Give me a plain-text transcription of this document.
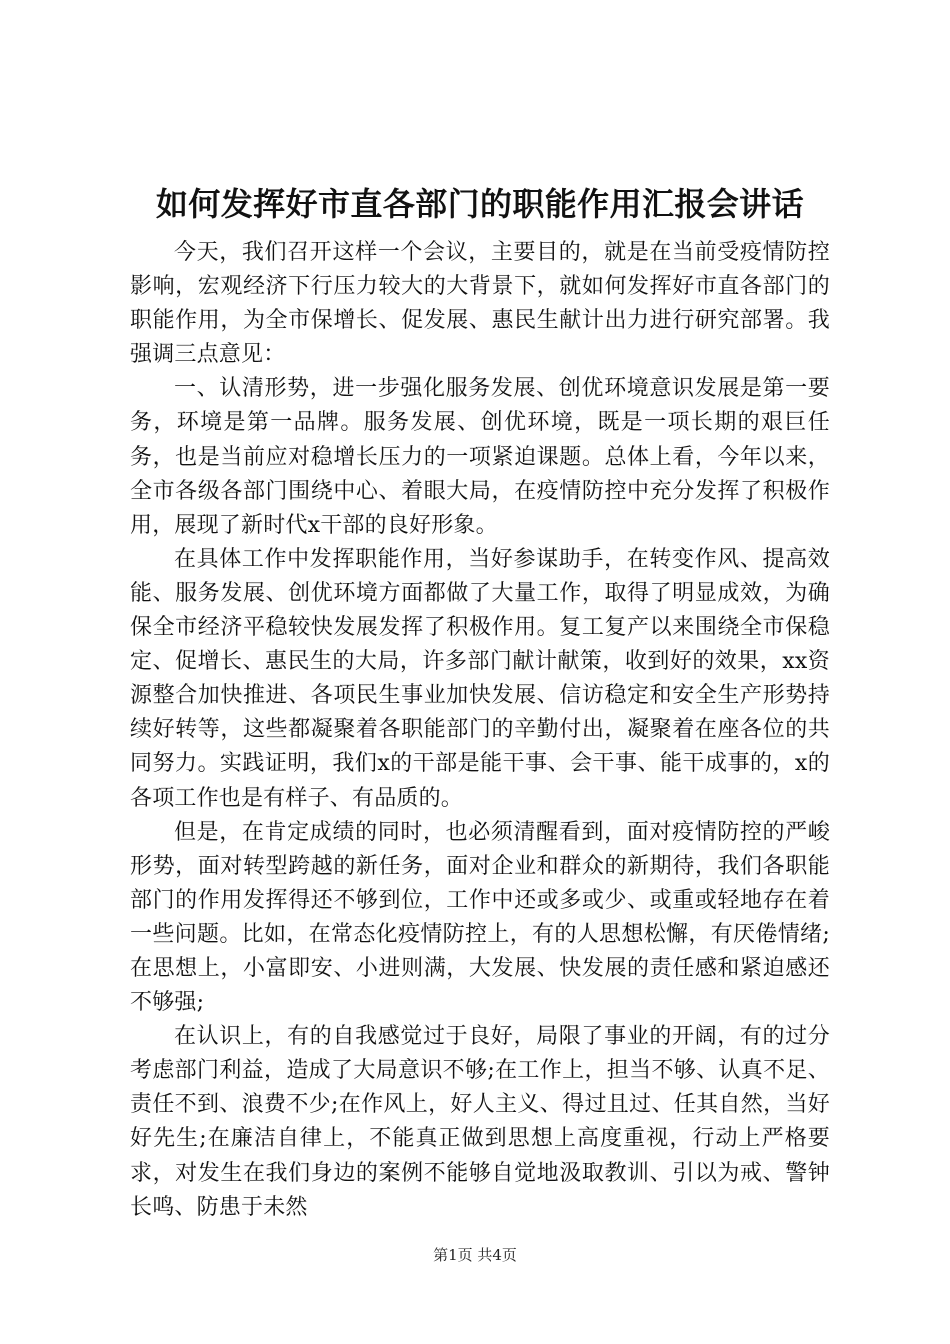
如何发挥好市直各部门的职能作用汇报会讲话

今天，我们召开这样一个会议，主要目的，就是在当前受疫情防控影响，宏观经济下行压力较大的大背景下，就如何发挥好市直各部门的职能作用，为全市保增长、促发展、惠民生献计出力进行研究部署。我强调三点意见：

一、认清形势，进一步强化服务发展、创优环境意识发展是第一要务，环境是第一品牌。服务发展、创优环境，既是一项长期的艰巨任务，也是当前应对稳增长压力的一项紧迫课题。总体上看，今年以来，全市各级各部门围绕中心、着眼大局，在疫情防控中充分发挥了积极作用，展现了新时代x干部的良好形象。

在具体工作中发挥职能作用，当好参谋助手，在转变作风、提高效能、服务发展、创优环境方面都做了大量工作，取得了明显成效，为确保全市经济平稳较快发展发挥了积极作用。复工复产以来围绕全市保稳定、促增长、惠民生的大局，许多部门献计献策，收到好的效果，xx资源整合加快推进、各项民生事业加快发展、信访稳定和安全生产形势持续好转等，这些都凝聚着各职能部门的辛勤付出，凝聚着在座各位的共同努力。实践证明，我们x的干部是能干事、会干事、能干成事的，x的各项工作也是有样子、有品质的。

但是，在肯定成绩的同时，也必须清醒看到，面对疫情防控的严峻形势，面对转型跨越的新任务，面对企业和群众的新期待，我们各职能部门的作用发挥得还不够到位，工作中还或多或少、或重或轻地存在着一些问题。比如，在常态化疫情防控上，有的人思想松懈，有厌倦情绪;在思想上，小富即安、小进则满，大发展、快发展的责任感和紧迫感还不够强;

在认识上，有的自我感觉过于良好，局限了事业的开阔，有的过分考虑部门利益，造成了大局意识不够;在工作上，担当不够、认真不足、责任不到、浪费不少;在作风上，好人主义、得过且过、任其自然，当好好先生;在廉洁自律上，不能真正做到思想上高度重视，行动上严格要求，对发生在我们身边的案例不能够自觉地汲取教训、引以为戒、警钟长鸣、防患于未然

第1页 共4页
